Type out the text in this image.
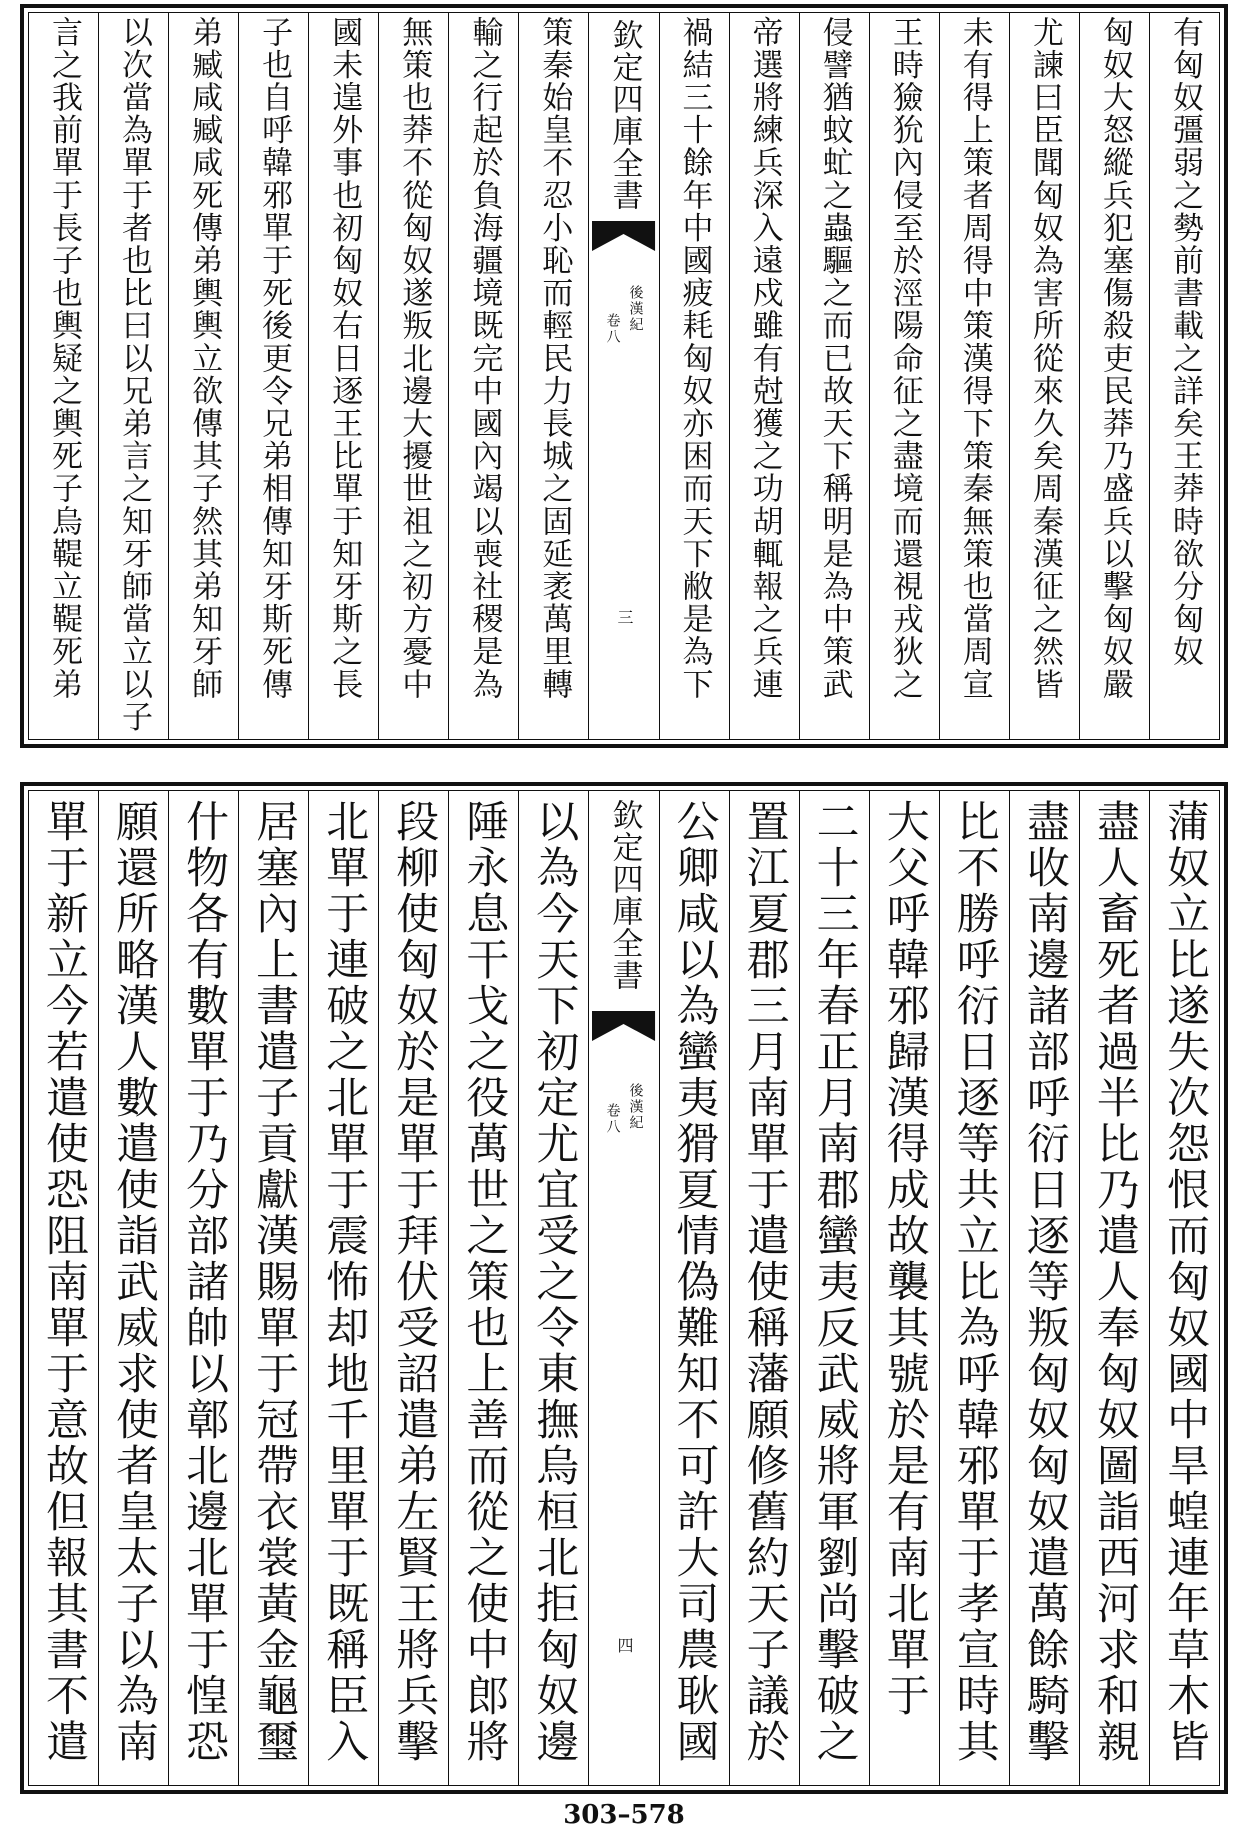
有匈奴彊弱之勢前書載之詳矣王莽時欲分匈奴
匈奴大怒縱兵犯塞傷殺吏民莽乃盛兵以擊匈奴嚴
尤諫曰臣聞匈奴為害所從來久矣周秦漢征之然皆
未有得上策者周得中策漢得下策秦無策也當周宣
王時獫狁內侵至於涇陽命征之盡境而還視戎狄之
侵譬猶蚊虻之蟲驅之而已故天下稱明是為中策武
帝選將練兵深入遠戍雖有尅獲之功胡輒報之兵連
禍結三十餘年中國疲耗匈奴亦困而天下敝是為下
欽定四庫全書
後漢紀
卷八
三
策秦始皇不忍小恥而輕民力長城之固延袤萬里轉
輸之行起於負海疆境既完中國內竭以喪社稷是為
無策也莽不從匈奴遂叛北邊大擾世祖之初方憂中
國未遑外事也初匈奴右日逐王比單于知牙斯之長
子也自呼韓邪單于死後更令兄弟相傳知牙斯死傳
弟臧咸臧咸死傳弟輿輿立欲傳其子然其弟知牙師
以次當為單于者也比曰以兄弟言之知牙師當立以子
言之我前單于長子也輿疑之輿死子烏鞮立鞮死弟
蒲奴立比遂失次怨恨而匈奴國中旱蝗連年草木皆
盡人畜死者過半比乃遣人奉匈奴圖詣西河求和親
盡收南邊諸部呼衍日逐等叛匈奴匈奴遣萬餘騎擊
比不勝呼衍日逐等共立比為呼韓邪單于孝宣時其
大父呼韓邪歸漢得成故襲其號於是有南北單于
二十三年春正月南郡蠻夷反武威將軍劉尚擊破之
置江夏郡三月南單于遣使稱藩願修舊約天子議於
公卿咸以為蠻夷猾夏情偽難知不可許大司農耿國
欽定四庫全書
後漢紀
卷八
四
以為今天下初定尤宜受之令東撫烏桓北拒匈奴邊
陲永息干戈之役萬世之策也上善而從之使中郎將
段柳使匈奴於是單于拜伏受詔遣弟左賢王將兵擊
北單于連破之北單于震怖却地千里單于既稱臣入
居塞內上書遣子貢獻漢賜單于冠帶衣裳黃金龜璽
什物各有數單于乃分部諸帥以鄣北邊北單于惶恐
願還所略漢人數遣使詣武威求使者皇太子以為南
單于新立今若遣使恐阻南單于意故但報其書不遣
303–578
